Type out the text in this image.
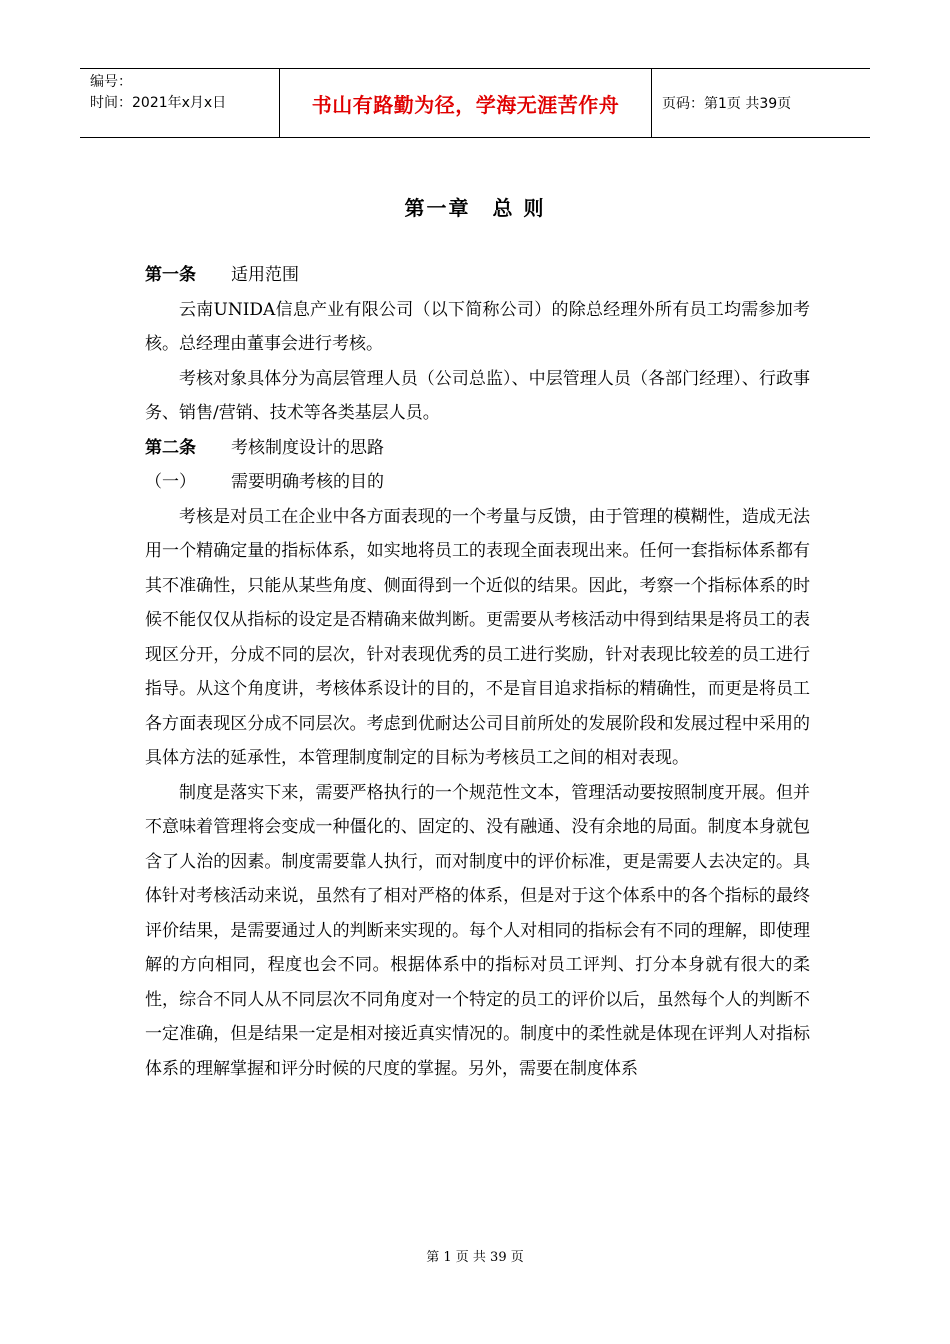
编号：
时间：2021年x月x日	书山有路勤为径，学海无涯苦作舟	页码：第1页 共39页
第一章　总 则
第一条	适用范围

云南UNIDA信息产业有限公司（以下简称公司）的除总经理外所有员工均需参加考核。总经理由董事会进行考核。

考核对象具体分为高层管理人员（公司总监）、中层管理人员（各部门经理）、行政事务、销售/营销、技术等各类基层人员。

第二条	考核制度设计的思路
（一）	需要明确考核的目的

考核是对员工在企业中各方面表现的一个考量与反馈，由于管理的模糊性，造成无法用一个精确定量的指标体系，如实地将员工的表现全面表现出来。任何一套指标体系都有其不准确性，只能从某些角度、侧面得到一个近似的结果。因此，考察一个指标体系的时候不能仅仅从指标的设定是否精确来做判断。更需要从考核活动中得到结果是将员工的表现区分开，分成不同的层次，针对表现优秀的员工进行奖励，针对表现比较差的员工进行指导。从这个角度讲，考核体系设计的目的，不是盲目追求指标的精确性，而更是将员工各方面表现区分成不同层次。考虑到优耐达公司目前所处的发展阶段和发展过程中采用的具体方法的延承性，本管理制度制定的目标为考核员工之间的相对表现。

制度是落实下来，需要严格执行的一个规范性文本，管理活动要按照制度开展。但并不意味着管理将会变成一种僵化的、固定的、没有融通、没有余地的局面。制度本身就包含了人治的因素。制度需要靠人执行，而对制度中的评价标准，更是需要人去决定的。具体针对考核活动来说，虽然有了相对严格的体系，但是对于这个体系中的各个指标的最终评价结果，是需要通过人的判断来实现的。每个人对相同的指标会有不同的理解，即使理解的方向相同，程度也会不同。根据体系中的指标对员工评判、打分本身就有很大的柔性，综合不同人从不同层次不同角度对一个特定的员工的评价以后，虽然每个人的判断不一定准确，但是结果一定是相对接近真实情况的。制度中的柔性就是体现在评判人对指标体系的理解掌握和评分时候的尺度的掌握。另外，需要在制度体系

第 1 页 共 39 页
